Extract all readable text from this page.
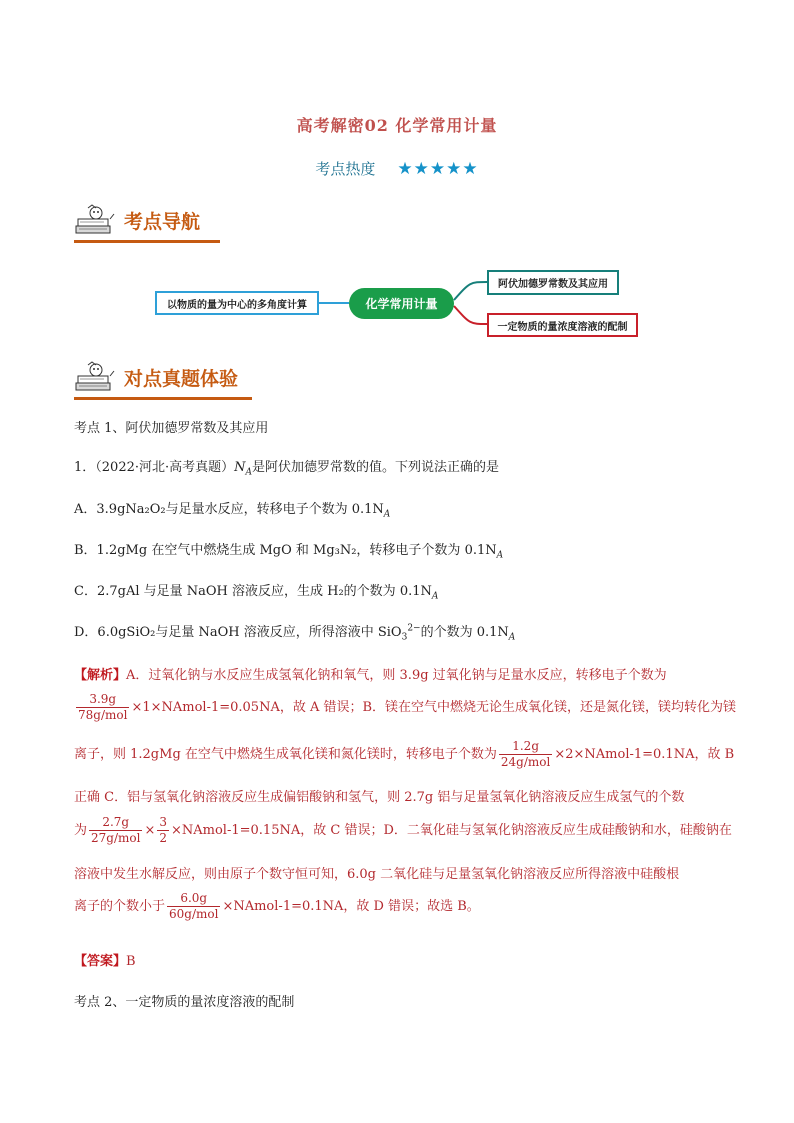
高考解密02 化学常用计量
考点热度 ★★★★★
考点导航
以物质的量为中心的多角度计算	化学常用计量
阿伏加德罗常数及其应用
一定物质的量浓度溶液的配制
对点真题体验
考点 1、阿伏加德罗常数及其应用
1．（2022·河北·高考真题）$N_A$是阿伏加德罗常数的值。下列说法正确的是
A．3.9gNa₂O₂与足量水反应，转移电子个数为 $0.1N_A$
B．1.2gMg 在空气中燃烧生成 MgO 和 Mg₃N₂，转移电子个数为 $0.1N_A$
C．2.7gAl 与足量 NaOH 溶液反应，生成 H₂的个数为 $0.1N_A$
D．6.0gSiO₂与足量 NaOH 溶液反应，所得溶液中 SiO$_3^{2-}$的个数为 $0.1N_A$
【解析】A．过氧化钠与水反应生成氢氧化钠和氧气，则 3.9g 过氧化钠与足量水反应，转移电子个数为
$\frac{3.9g}{\text{78g/mol}}$ ×1×NAmol-1=0.05NA，故 A 错误；B．镁在空气中燃烧无论生成氧化镁，还是氮化镁，镁均转化为镁
离子，则 1.2gMg 在空气中燃烧生成氧化镁和氮化镁时，转移电子个数为 $\frac{1.2g}{\text{24g/mol}}$ ×2×NAmol-1=0.1NA，故 B
正确 C．铝与氢氧化钠溶液反应生成偏铝酸钠和氢气，则 2.7g 铝与足量氢氧化钠溶液反应生成氢气的个数
为 $\frac{2.7g}{\text{27g/mol}} \times \frac{3}{2}$ ×NAmol-1=0.15NA，故 C 错误；D．二氧化硅与氢氧化钠溶液反应生成硅酸钠和水，硅酸钠在
溶液中发生水解反应，则由原子个数守恒可知，6.0g 二氧化硅与足量氢氧化钠溶液反应所得溶液中硅酸根
离子的个数小于 $\frac{6.0g}{\text{60g/mol}}$ ×NAmol-1=0.1NA，故 D 错误；故选 B。
【答案】B
考点 2、一定物质的量浓度溶液的配制
